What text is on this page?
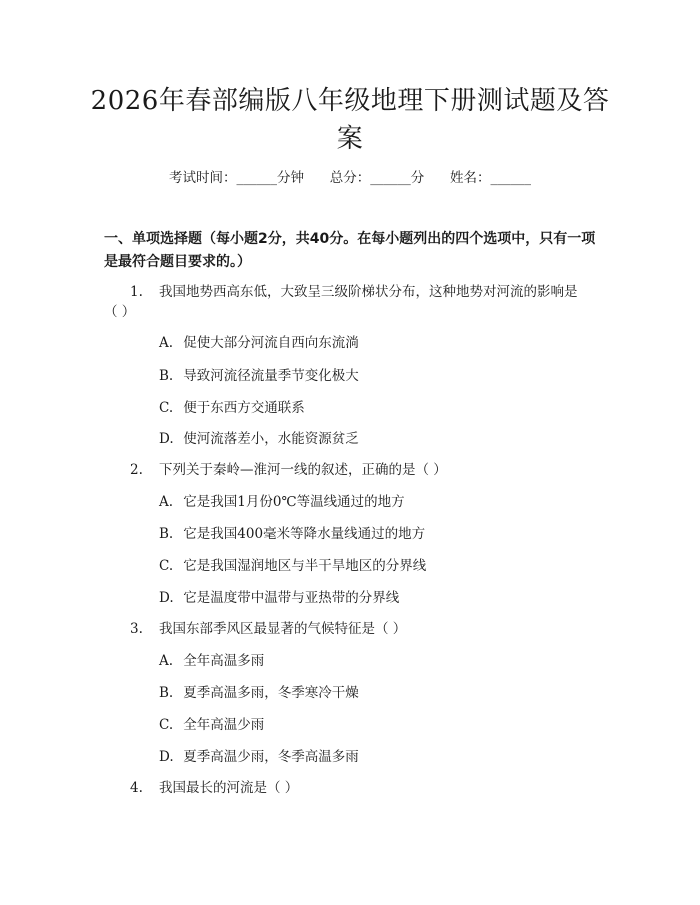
2026年春部编版八年级地理下册测试题及答案
考试时间：______分钟 总分：______分 姓名：______
一、单项选择题（每小题2分，共40分。在每小题列出的四个选项中，只有一项是最符合题目要求的。）
1. 我国地势西高东低，大致呈三级阶梯状分布，这种地势对河流的影响是
（ ）
A. 促使大部分河流自西向东流淌
B. 导致河流径流量季节变化极大
C. 便于东西方交通联系
D. 使河流落差小，水能资源贫乏
2. 下列关于秦岭—淮河一线的叙述，正确的是（ ）
A. 它是我国1月份0℃等温线通过的地方
B. 它是我国400毫米等降水量线通过的地方
C. 它是我国湿润地区与半干旱地区的分界线
D. 它是温度带中温带与亚热带的分界线
3. 我国东部季风区最显著的气候特征是（ ）
A. 全年高温多雨
B. 夏季高温多雨，冬季寒冷干燥
C. 全年高温少雨
D. 夏季高温少雨，冬季高温多雨
4. 我国最长的河流是（ ）
